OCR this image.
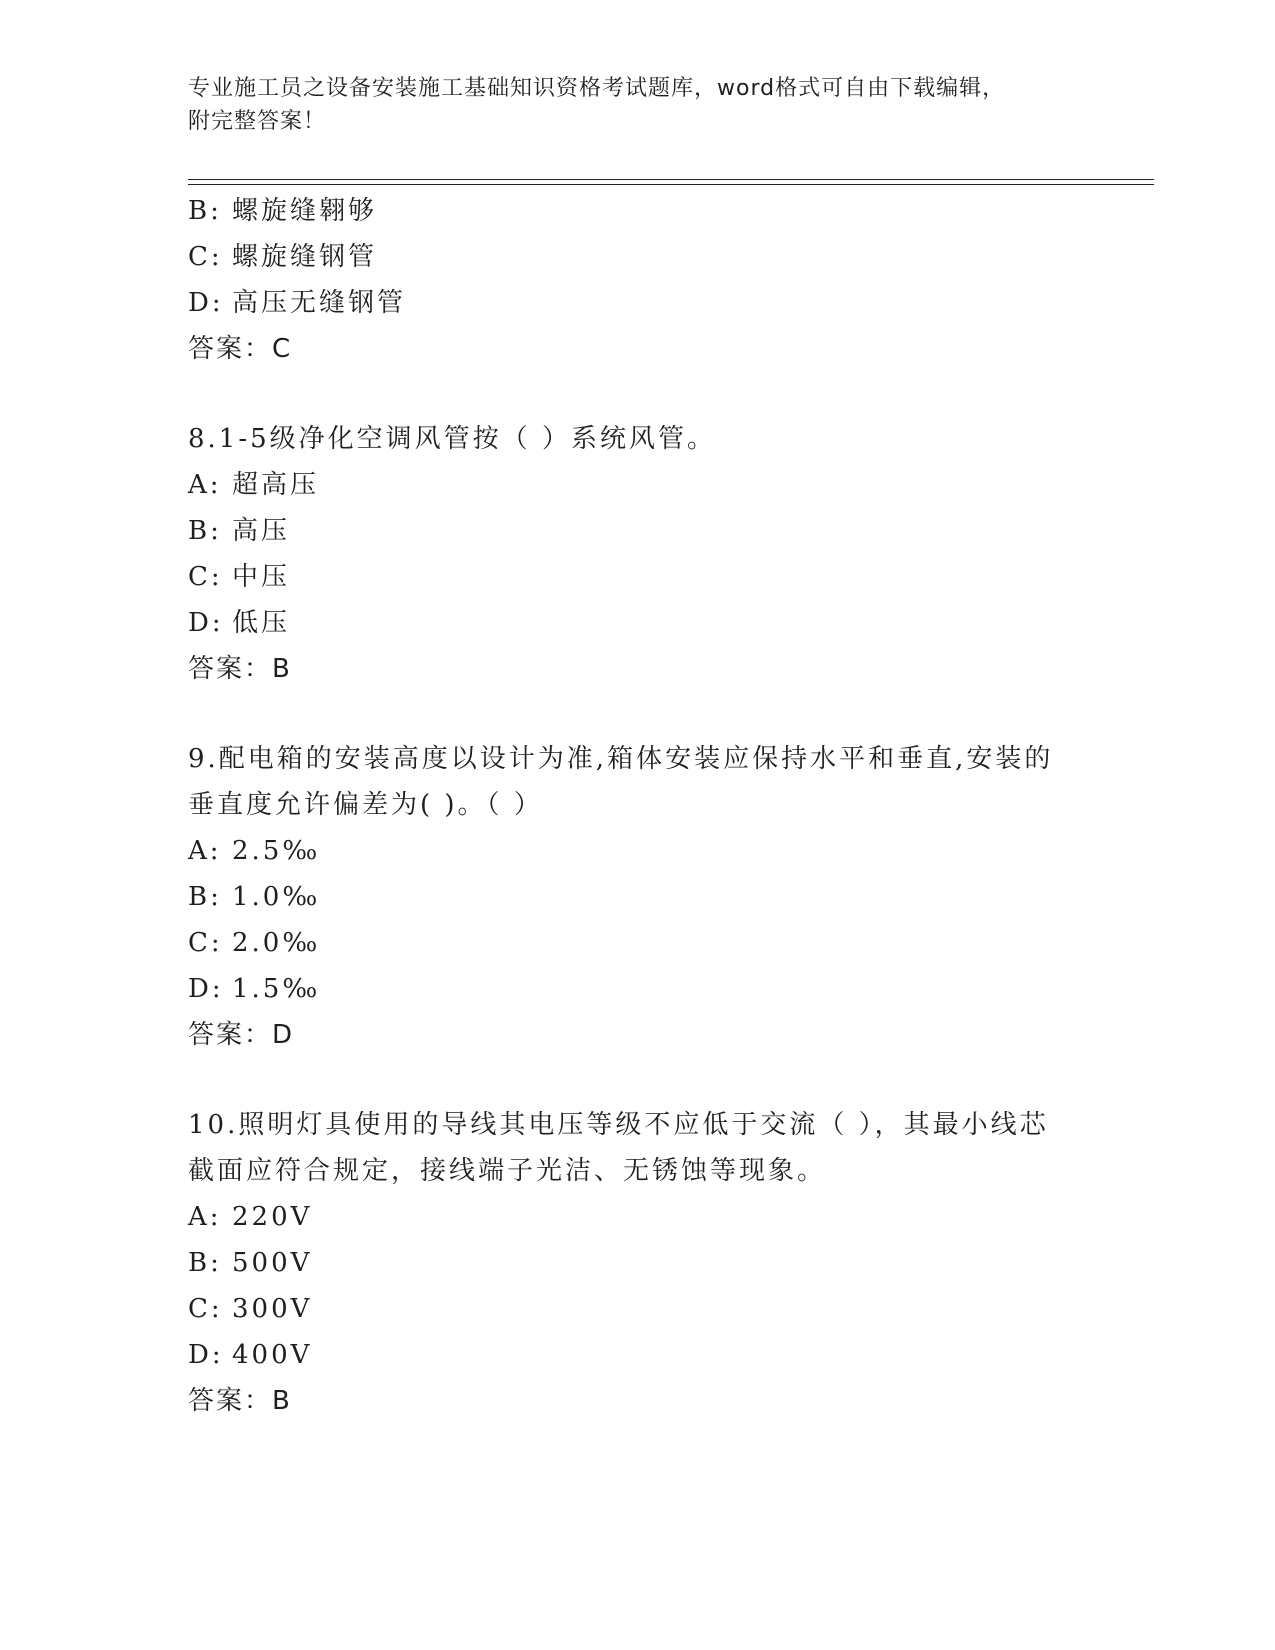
专业施工员之设备安装施工基础知识资格考试题库，word格式可自由下载编辑，
附完整答案！
B: 螺旋缝翱够
C: 螺旋缝钢管
D: 高压无缝钢管
答案：C
8.1-5级净化空调风管按（ ）系统风管。
A: 超高压
B: 高压
C: 中压
D: 低压
答案：B
9.配电箱的安装高度以设计为准,箱体安装应保持水平和垂直,安装的
垂直度允许偏差为( )。（ ）
A: 2.5‰
B: 1.0‰
C: 2.0‰
D: 1.5‰
答案：D
10.照明灯具使用的导线其电压等级不应低于交流（ ），其最小线芯
截面应符合规定，接线端子光洁、无锈蚀等现象。
A: 220V
B: 500V
C: 300V
D: 400V
答案：B
